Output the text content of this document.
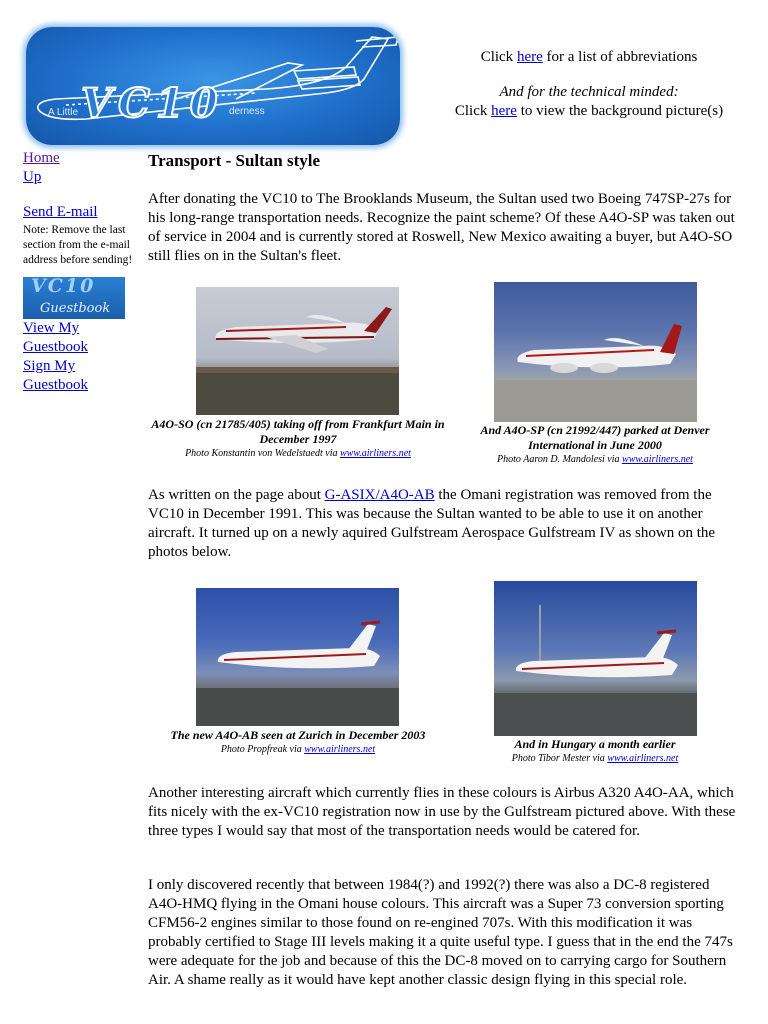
VC10
A Little	derness

Click here for a list of abbreviations

And for the technical minded:

Click here to view the background picture(s)

Home
Up
Send E-mail
Note: Remove the last section from the e-mail address before sending!
VC10
Guestbook
View My Guestbook
Sign My Guestbook
Transport - Sultan style

After donating the VC10 to The Brooklands Museum, the Sultan used two Boeing 747SP-27s for his long-range transportation needs. Recognize the paint scheme? Of these A4O-SP was taken out of service in 2004 and is currently stored at Roswell, New Mexico awaiting a buyer, but A4O-SO still flies on in the Sultan's fleet.

A4O-SO (cn 21785/405) taking off from Frankfurt Main in December 1997
Photo Konstantin von Wedelstaedt via www.airliners.net
And A4O-SP (cn 21992/447) parked at Denver International in June 2000
Photo Aaron D. Mandolesi via www.airliners.net
As written on the page about G-ASIX/A4O-AB the Omani registration was removed from the VC10 in December 1991. This was because the Sultan wanted to be able to use it on another aircraft. It turned up on a newly aquired Gulfstream Aerospace Gulfstream IV as shown on the photos below.
The new A4O-AB seen at Zurich in December 2003
Photo Propfreak via www.airliners.net	And in Hungary a month earlier
Photo Tibor Mester via www.airliners.net
Another interesting aircraft which currently flies in these colours is Airbus A320 A4O-AA, which fits nicely with the ex-VC10 registration now in use by the Gulfstream pictured above. With these three types I would say that most of the transportation needs would be catered for.
I only discovered recently that between 1984(?) and 1992(?) there was also a DC-8 registered A4O-HMQ flying in the Omani house colours. This aircraft was a Super 73 conversion sporting CFM56-2 engines similar to those found on re-engined 707s. With this modification it was probably certified to Stage III levels making it a quite useful type. I guess that in the end the 747s were adequate for the job and because of this the DC-8 moved on to carrying cargo for Southern Air. A shame really as it would have kept another classic design flying in this special role.
